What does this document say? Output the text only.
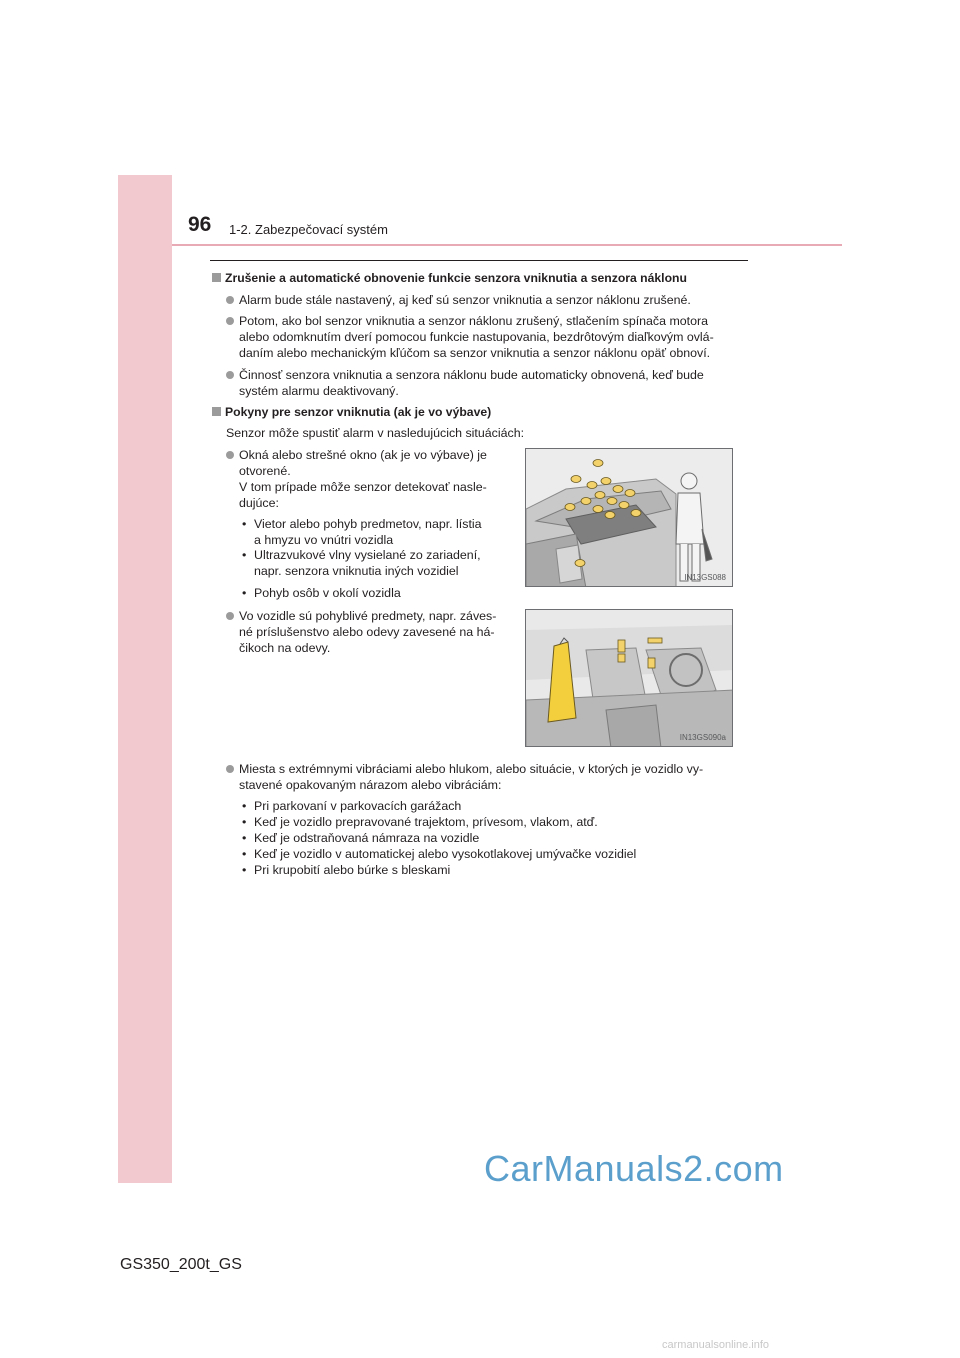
96 1-2. Zabezpečovací systém
Zrušenie a automatické obnovenie funkcie senzora vniknutia a senzora náklonu
Alarm bude stále nastavený, aj keď sú senzor vniknutia a senzor náklonu zrušené.
Potom, ako bol senzor vniknutia a senzor náklonu zrušený, stlačením spínača motora
alebo odomknutím dverí pomocou funkcie nastupovania, bezdrôtovým diaľkovým ovlá-
daním alebo mechanickým kľúčom sa senzor vniknutia a senzor náklonu opäť obnoví.
Činnosť senzora vniknutia a senzora náklonu bude automaticky obnovená, keď bude
systém alarmu deaktivovaný.
Pokyny pre senzor vniknutia (ak je vo výbave)
Senzor môže spustiť alarm v nasledujúcich situáciách:
Okná alebo strešné okno (ak je vo výbave) je
otvorené.
V tom prípade môže senzor detekovať nasle-
dujúce:
• Vietor alebo pohyb predmetov, napr. lístia
a hmyzu vo vnútri vozidla
• Ultrazvukové vlny vysielané zo zariadení,
napr. senzora vniknutia iných vozidiel
• Pohyb osôb v okolí vozidla
Vo vozidle sú pohyblivé predmety, napr. záves-
né príslušenstvo alebo odevy zavesené na há-
čikoch na odevy.
IN13GS088
IN13GS090a
Miesta s extrémnymi vibráciami alebo hlukom, alebo situácie, v ktorých je vozidlo vy-
stavené opakovaným nárazom alebo vibráciám:
• Pri parkovaní v parkovacích garážach
• Keď je vozidlo prepravované trajektom, prívesom, vlakom, atď.
• Keď je odstraňovaná námraza na vozidle
• Keď je vozidlo v automatickej alebo vysokotlakovej umývačke vozidiel
• Pri krupobití alebo búrke s bleskami
CarManuals2.com
GS350_200t_GS
carmanualsonline.info
